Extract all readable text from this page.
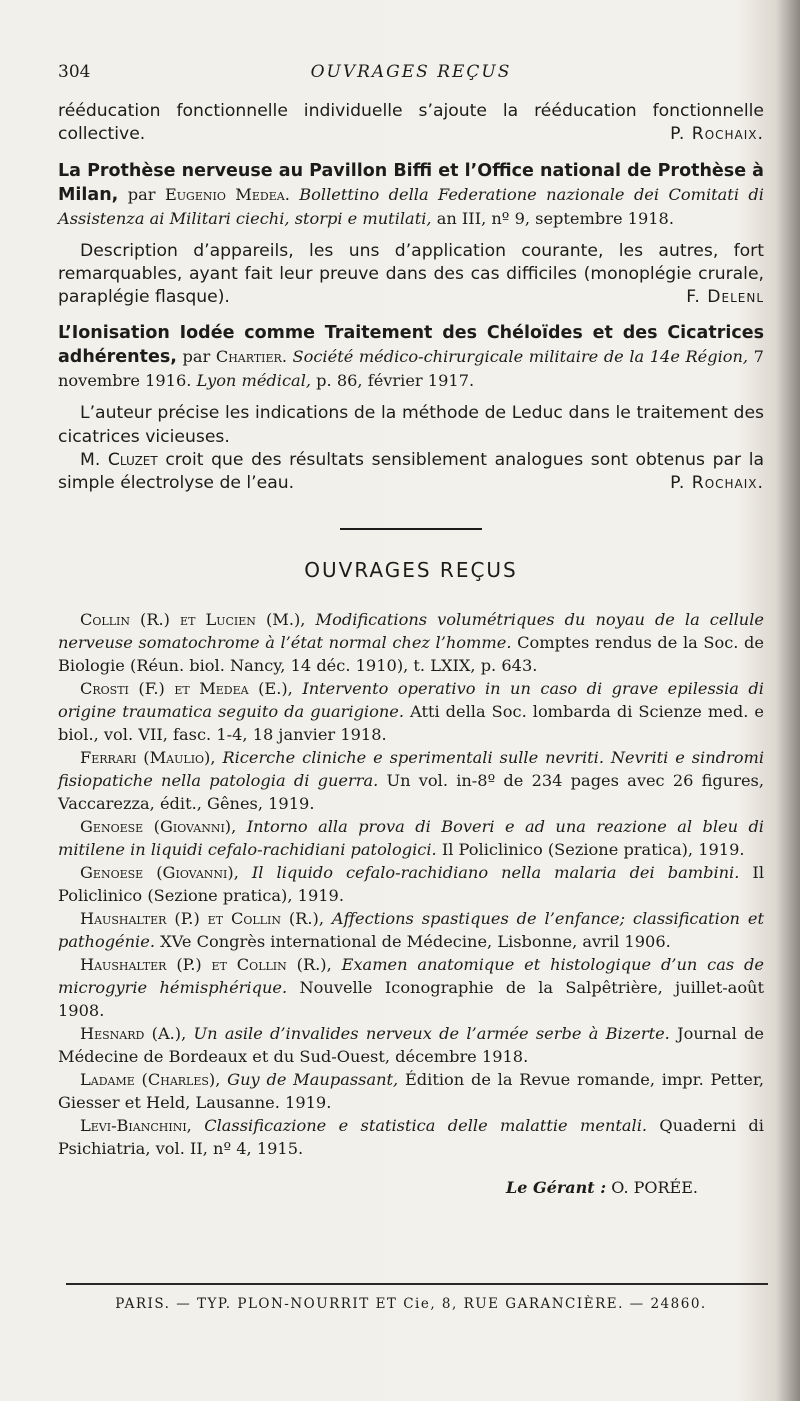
304	OUVRAGES REÇUS

rééducation fonctionnelle individuelle s’ajoute la rééducation fonctionnelle collective.	P. Rochaix.

La Prothèse nerveuse au Pavillon Biffi et l’Office national de Prothèse à Milan, par Eugenio Medea. Bollettino della Federatione nazionale dei Comitati di Assistenza ai Militari ciechi, storpi e mutilati, an III, nº 9, septembre 1918.

Description d’appareils, les uns d’application courante, les autres, fort remarquables, ayant fait leur preuve dans des cas difficiles (monoplégie crurale, paraplégie flasque).	F. Delenl

L’Ionisation Iodée comme Traitement des Chéloïdes et des Cicatrices adhérentes, par Chartier. Société médico-chirurgicale militaire de la 14e Région, 7 novembre 1916. Lyon médical, p. 86, février 1917.

L’auteur précise les indications de la méthode de Leduc dans le traitement des cicatrices vicieuses.

M. Cluzet croit que des résultats sensiblement analogues sont obtenus par la simple électrolyse de l’eau.	P. Rochaix.

OUVRAGES REÇUS

Collin (R.) et Lucien (M.), Modifications volumétriques du noyau de la cellule nerveuse somatochrome à l’état normal chez l’homme. Comptes rendus de la Soc. de Biologie (Réun. biol. Nancy, 14 déc. 1910), t. LXIX, p. 643.

Crosti (F.) et Medea (E.), Intervento operativo in un caso di grave epilessia di origine traumatica seguito da guarigione. Atti della Soc. lombarda di Scienze med. e biol., vol. VII, fasc. 1-4, 18 janvier 1918.

Ferrari (Maulio), Ricerche cliniche e sperimentali sulle nevriti. Nevriti e sindromi fisiopatiche nella patologia di guerra. Un vol. in-8º de 234 pages avec 26 figures, Vaccarezza, édit., Gênes, 1919.

Genoese (Giovanni), Intorno alla prova di Boveri e ad una reazione al bleu di mitilene in liquidi cefalo-rachidiani patologici. Il Policlinico (Sezione pratica), 1919.

Genoese (Giovanni), Il liquido cefalo-rachidiano nella malaria dei bambini. Il Policlinico (Sezione pratica), 1919.

Haushalter (P.) et Collin (R.), Affections spastiques de l’enfance; classification et pathogénie. XVe Congrès international de Médecine, Lisbonne, avril 1906.

Haushalter (P.) et Collin (R.), Examen anatomique et histologique d’un cas de microgyrie hémisphérique. Nouvelle Iconographie de la Salpêtrière, juillet-août 1908.

Hesnard (A.), Un asile d’invalides nerveux de l’armée serbe à Bizerte. Journal de Médecine de Bordeaux et du Sud-Ouest, décembre 1918.

Ladame (Charles), Guy de Maupassant, Édition de la Revue romande, impr. Petter, Giesser et Held, Lausanne. 1919.

Levi-Bianchini, Classificazione e statistica delle malattie mentali. Quaderni di Psichiatria, vol. II, nº 4, 1915.

Le Gérant : O. PORÉE.
PARIS. — TYP. PLON-NOURRIT ET Cie, 8, RUE GARANCIÈRE. — 24860.
